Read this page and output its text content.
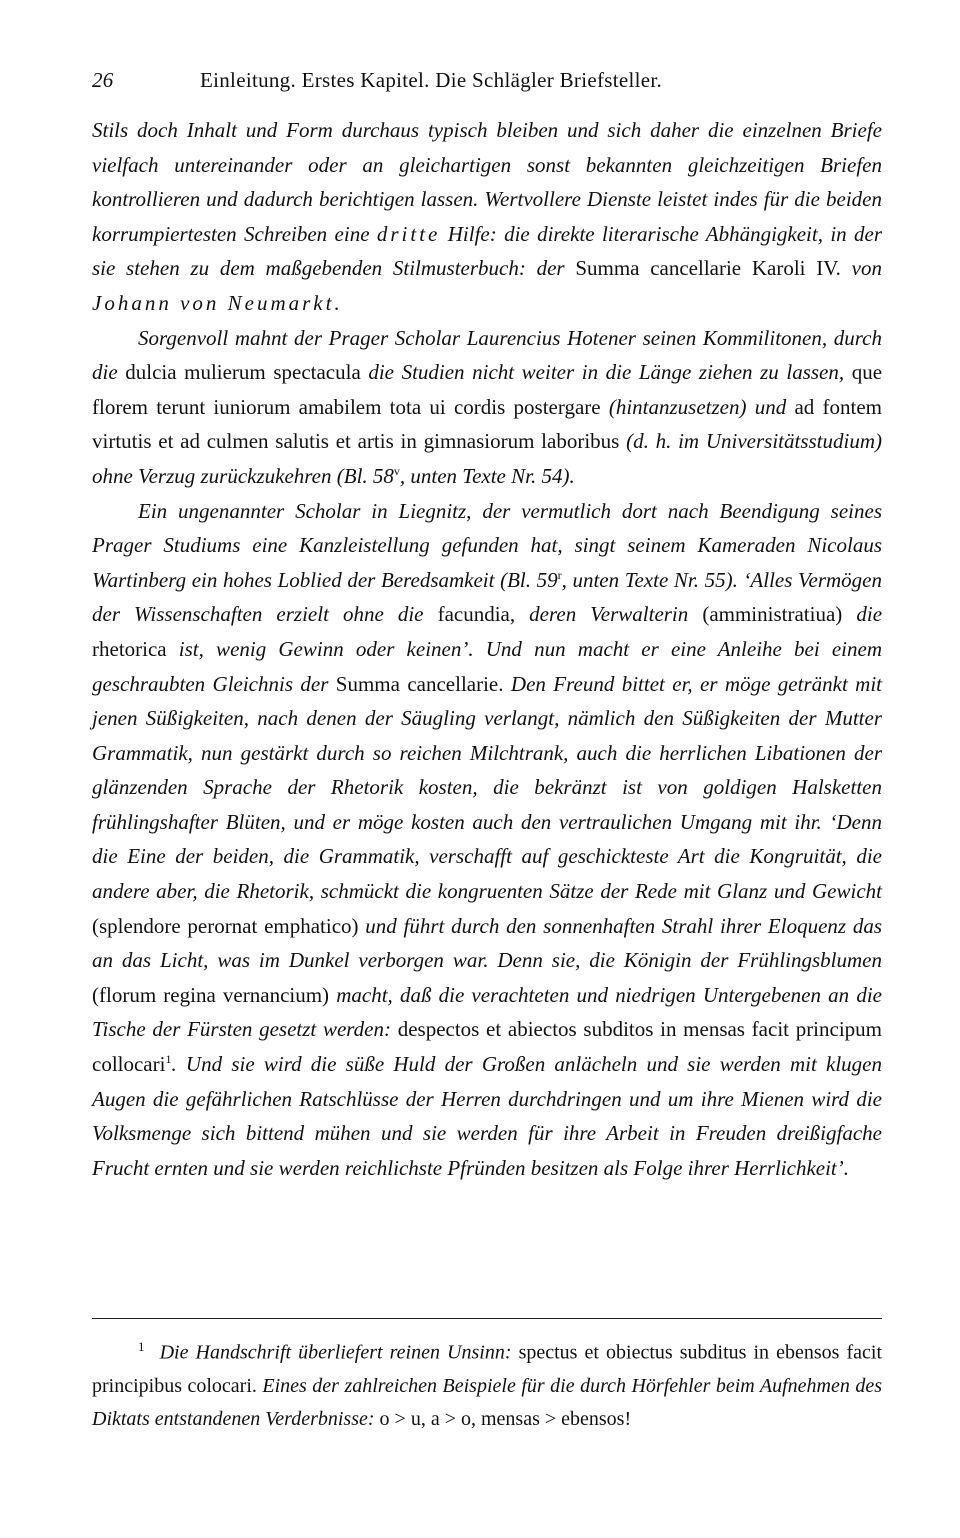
26	Einleitung. Erstes Kapitel. Die Schlägler Briefsteller.

Stils doch Inhalt und Form durchaus typisch bleiben und sich daher die einzelnen Briefe vielfach untereinander oder an gleichartigen sonst bekannten gleichzeitigen Briefen kontrollieren und dadurch berichtigen lassen. Wertvollere Dienste leistet indes für die beiden korrumpiertesten Schreiben eine dritte Hilfe: die direkte literarische Abhängigkeit, in der sie stehen zu dem maßgebenden Stilmusterbuch: der Summa cancellarie Karoli IV. von Johann von Neumarkt.

Sorgenvoll mahnt der Prager Scholar Laurencius Hotener seinen Kommilitonen, durch die dulcia mulierum spectacula die Studien nicht weiter in die Länge ziehen zu lassen, que florem terunt iuniorum amabilem tota ui cordis postergare (hintanzusetzen) und ad fontem virtutis et ad culmen salutis et artis in gimnasiorum laboribus (d. h. im Universitätsstudium) ohne Verzug zurückzukehren (Bl. 58$^v$, unten Texte Nr. 54).

Ein ungenannter Scholar in Liegnitz, der vermutlich dort nach Beendigung seines Prager Studiums eine Kanzleistellung gefunden hat, singt seinem Kameraden Nicolaus Wartinberg ein hohes Loblied der Beredsamkeit (Bl. 59$^r$, unten Texte Nr. 55). ‘Alles Vermögen der Wissenschaften erzielt ohne die facundia, deren Verwalterin (amministratiua) die rhetorica ist, wenig Gewinn oder keinen’. Und nun macht er eine Anleihe bei einem geschraubten Gleichnis der Summa cancellarie. Den Freund bittet er, er möge getränkt mit jenen Süßigkeiten, nach denen der Säugling verlangt, nämlich den Süßigkeiten der Mutter Grammatik, nun gestärkt durch so reichen Milchtrank, auch die herrlichen Libationen der glänzenden Sprache der Rhetorik kosten, die bekränzt ist von goldigen Halsketten frühlingshafter Blüten, und er möge kosten auch den vertraulichen Umgang mit ihr. ‘Denn die Eine der beiden, die Grammatik, verschafft auf geschickteste Art die Kongruität, die andere aber, die Rhetorik, schmückt die kongruenten Sätze der Rede mit Glanz und Gewicht (splendore perornat emphatico) und führt durch den sonnenhaften Strahl ihrer Eloquenz das an das Licht, was im Dunkel verborgen war. Denn sie, die Königin der Frühlingsblumen (florum regina vernancium) macht, daß die verachteten und niedrigen Untergebenen an die Tische der Fürsten gesetzt werden: despectos et abiectos subditos in mensas facit principum collocari$^1$. Und sie wird die süße Huld der Großen anlächeln und sie werden mit klugen Augen die gefährlichen Ratschlüsse der Herren durchdringen und um ihre Mienen wird die Volksmenge sich bittend mühen und sie werden für ihre Arbeit in Freuden dreißigfache Frucht ernten und sie werden reichlichste Pfründen besitzen als Folge ihrer Herrlichkeit’.

$^1$ Die Handschrift überliefert reinen Unsinn: spectus et obiectus subditus in ebensos facit principibus colocari. Eines der zahlreichen Beispiele für die durch Hörfehler beim Aufnehmen des Diktats entstandenen Verderbnisse: o > u, a > o, mensas > ebensos!
